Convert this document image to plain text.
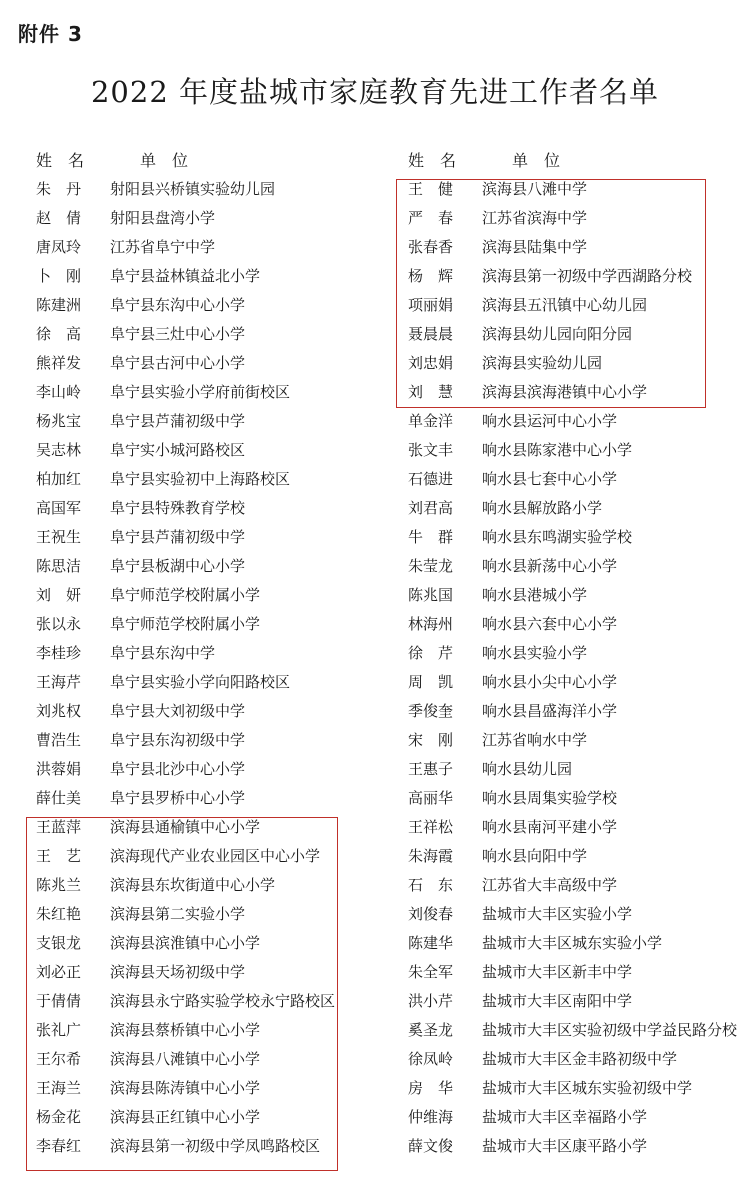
附件 3
2022 年度盐城市家庭教育先进工作者名单
姓　名	单　位
朱　丹 射阳县兴桥镇实验幼儿园
赵　倩 射阳县盘湾小学
唐凤玲 江苏省阜宁中学
卜　刚 阜宁县益林镇益北小学
陈建洲 阜宁县东沟中心小学
徐　高 阜宁县三灶中心小学
熊祥发 阜宁县古河中心小学
李山岭 阜宁县实验小学府前街校区
杨兆宝 阜宁县芦蒲初级中学
吴志林 阜宁实小城河路校区
柏加红 阜宁县实验初中上海路校区
高国军 阜宁县特殊教育学校
王祝生 阜宁县芦蒲初级中学
陈思洁 阜宁县板湖中心小学
刘　妍 阜宁师范学校附属小学
张以永 阜宁师范学校附属小学
李桂珍 阜宁县东沟中学
王海芹 阜宁县实验小学向阳路校区
刘兆权 阜宁县大刘初级中学
曹浩生 阜宁县东沟初级中学
洪蓉娟 阜宁县北沙中心小学
薛仕美 阜宁县罗桥中心小学
王蓝萍 滨海县通榆镇中心小学
王　艺 滨海现代产业农业园区中心小学
陈兆兰 滨海县东坎街道中心小学
朱红艳 滨海县第二实验小学
支银龙 滨海县滨淮镇中心小学
刘必正 滨海县天场初级中学
于倩倩 滨海县永宁路实验学校永宁路校区
张礼广 滨海县蔡桥镇中心小学
王尔希 滨海县八滩镇中心小学
王海兰 滨海县陈涛镇中心小学
杨金花 滨海县正红镇中心小学
李春红 滨海县第一初级中学凤鸣路校区
姓　名	单　位
王　健 滨海县八滩中学
严　春 江苏省滨海中学
张春香 滨海县陆集中学
杨　辉 滨海县第一初级中学西湖路分校
项丽娟 滨海县五汛镇中心幼儿园
聂晨晨 滨海县幼儿园向阳分园
刘忠娟 滨海县实验幼儿园
刘　慧 滨海县滨海港镇中心小学
单金洋 响水县运河中心小学
张文丰 响水县陈家港中心小学
石德进 响水县七套中心小学
刘君高 响水县解放路小学
牛　群 响水县东鸣湖实验学校
朱莹龙 响水县新荡中心小学
陈兆国 响水县港城小学
林海州 响水县六套中心小学
徐　芹 响水县实验小学
周　凯 响水县小尖中心小学
季俊奎 响水县昌盛海洋小学
宋　刚 江苏省响水中学
王惠子 响水县幼儿园
高丽华 响水县周集实验学校
王祥松 响水县南河平建小学
朱海霞 响水县向阳中学
石　东 江苏省大丰高级中学
刘俊春 盐城市大丰区实验小学
陈建华 盐城市大丰区城东实验小学
朱全军 盐城市大丰区新丰中学
洪小芹 盐城市大丰区南阳中学
奚圣龙 盐城市大丰区实验初级中学益民路分校
徐凤岭 盐城市大丰区金丰路初级中学
房　华 盐城市大丰区城东实验初级中学
仲维海 盐城市大丰区幸福路小学
薛文俊 盐城市大丰区康平路小学
